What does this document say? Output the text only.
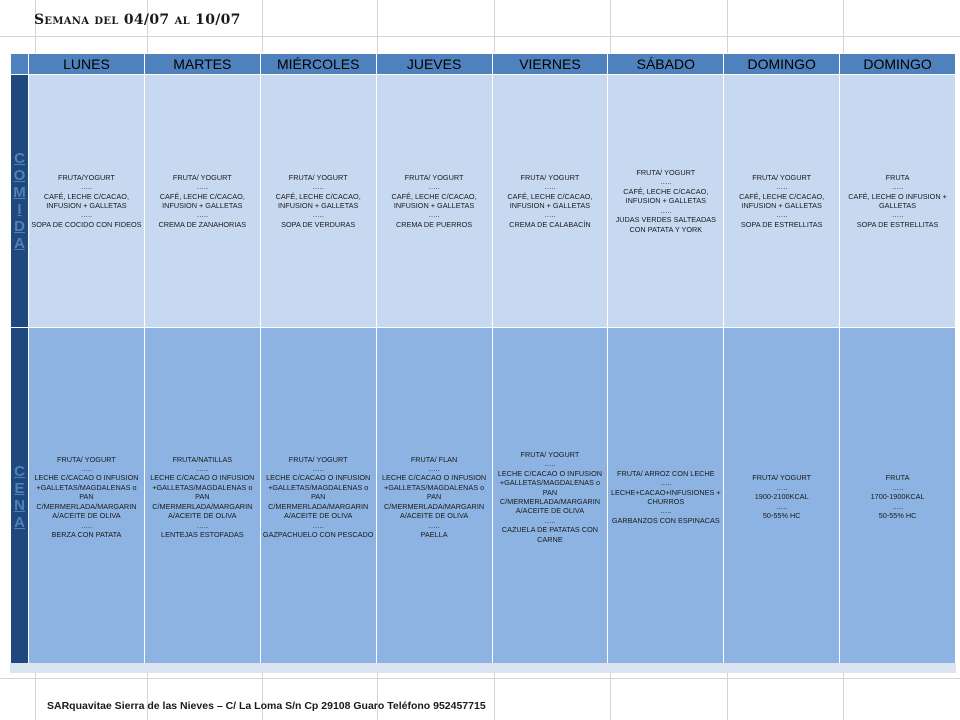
Semana del 04/07 al 10/07
	LUNES	MARTES	MIÉRCOLES	JUEVES	VIERNES	SÁBADO	DOMINGO	DOMINGO
COMIDA	FRUTA/YOGURT
…..
CAFÉ, LECHE C/CACAO, INFUSION + GALLETAS
…..
SOPA DE COCIDO CON FIDEOS	FRUTA/ YOGURT
…..
CAFÉ, LECHE C/CACAO, INFUSION + GALLETAS
…..
CREMA DE ZANAHORIAS	FRUTA/ YOGURT
…..
CAFÉ, LECHE C/CACAO, INFUSION + GALLETAS
…..
SOPA DE VERDURAS	FRUTA/ YOGURT
…..
CAFÉ, LECHE C/CACAO, INFUSION + GALLETAS
…..
CREMA DE PUERROS	FRUTA/ YOGURT
…..
CAFÉ, LECHE C/CACAO, INFUSION + GALLETAS
…..
CREMA DE CALABACÍN	FRUTA/ YOGURT
…..
CAFÉ, LECHE C/CACAO, INFUSION + GALLETAS
…..
JUDAS VERDES SALTEADAS CON PATATA Y YORK	FRUTA/ YOGURT
…..
CAFÉ, LECHE C/CACAO, INFUSION + GALLETAS
…..
SOPA DE ESTRELLITAS	FRUTA
…..
CAFÉ, LECHE O INFUSION + GALLETAS
…..
SOPA DE ESTRELLITAS

CENA	FRUTA/ YOGURT
…..
LECHE C/CACAO O INFUSION +GALLETAS/MAGDALENAS o PAN C/MERMERLADA/MARGARIN A/ACEITE DE OLIVA
…..
BERZA CON PATATA	FRUTA/NATILLAS
…..
LECHE C/CACAO O INFUSION +GALLETAS/MAGDALENAS o PAN C/MERMERLADA/MARGARIN A/ACEITE DE OLIVA
…..
LENTEJAS ESTOFADAS	FRUTA/ YOGURT
…..
LECHE C/CACAO O INFUSION +GALLETAS/MAGDALENAS o PAN C/MERMERLADA/MARGARIN A/ACEITE DE OLIVA
…..
GAZPACHUELO CON PESCADO	FRUTA/ FLAN
…..
LECHE C/CACAO O INFUSION +GALLETAS/MAGDALENAS o PAN C/MERMERLADA/MARGARIN A/ACEITE DE OLIVA
…..
PAELLA	FRUTA/ YOGURT
…..
LECHE C/CACAO O INFUSION +GALLETAS/MAGDALENAS o PAN C/MERMERLADA/MARGARIN A/ACEITE DE OLIVA
…..
CAZUELA DE PATATAS CON CARNE	FRUTA/ ARROZ CON LECHE
…..
LECHE+CACAO+INFUSIONES + CHURROS
…..
GARBANZOS CON ESPINACAS	FRUTA/ YOGURT
…..
1900-2100KCAL
…..
50-55% HC	FRUTA
…..
1700-1900KCAL
…..
50-55% HC
SARquavitae Sierra de las Nieves – C/ La Loma S/n Cp 29108 Guaro Teléfono 952457715
